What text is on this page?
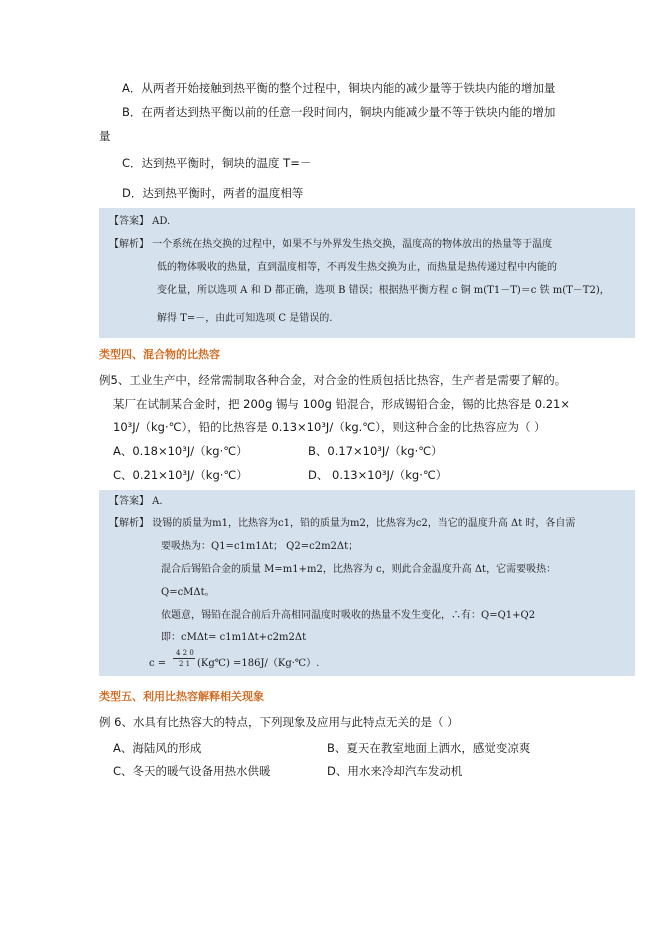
A．从两者开始接触到热平衡的整个过程中，铜块内能的减少量等于铁块内能的增加量
B．在两者达到热平衡以前的任意一段时间内，铜块内能减少量不等于铁块内能的增加
量
C．达到热平衡时，铜块的温度 T=－
D．达到热平衡时，两者的温度相等
【答案】 AD.
【解析】 一个系统在热交换的过程中，如果不与外界发生热交换，温度高的物体放出的热量等于温度
低的物体吸收的热量，直到温度相等，不再发生热交换为止，而热量是热传递过程中内能的
变化量，所以选项 A 和 D 都正确，选项 B 错误；根据热平衡方程 c 铜 m(T1－T)＝c 铁 m(T－T2)，
解得 T=－，由此可知选项 C 是错误的.
类型四、混合物的比热容
例5、工业生产中，经常需制取各种合金，对合金的性质包括比热容，生产者是需要了解的。
某厂在试制某合金时，把 200g 锡与 100g 铅混合，形成锡铅合金，锡的比热容是 0.21×
10³J/（kg·℃），铅的比热容是 0.13×10³J/（kg.℃），则这种合金的比热容应为（ ）
A、0.18×10³J/（kg·℃）	B、0.17×10³J/（kg·℃）
C、0.21×10³J/（kg·℃）	D、 0.13×10³J/（kg·℃）
【答案】 A.
【解析】 设锡的质量为m1，比热容为c1，铅的质量为m2，比热容为c2，当它的温度升高 Δt 时，各自需
要吸热为：Q1=c1m1Δt； Q2=c2m2Δt；
混合后锡铅合金的质量 M=m1+m2，比热容为 c，则此合金温度升高 Δt，它需要吸热：
Q=cMΔt。
依题意，锡铅在混合前后升高相同温度时吸收的热量不发生变化，∴有：Q=Q1+Q2
即：cMΔt= c1m1Δt+c2m2Δt
c =
4 2 0
2 1 (Kg℃) =186J/（Kg·℃）.
类型五、利用比热容解释相关现象
例 6、水具有比热容大的特点，下列现象及应用与此特点无关的是（ ）
A、海陆风的形成	B、夏天在教室地面上洒水，感觉变凉爽
C、冬天的暖气设备用热水供暖	D、用水来冷却汽车发动机
